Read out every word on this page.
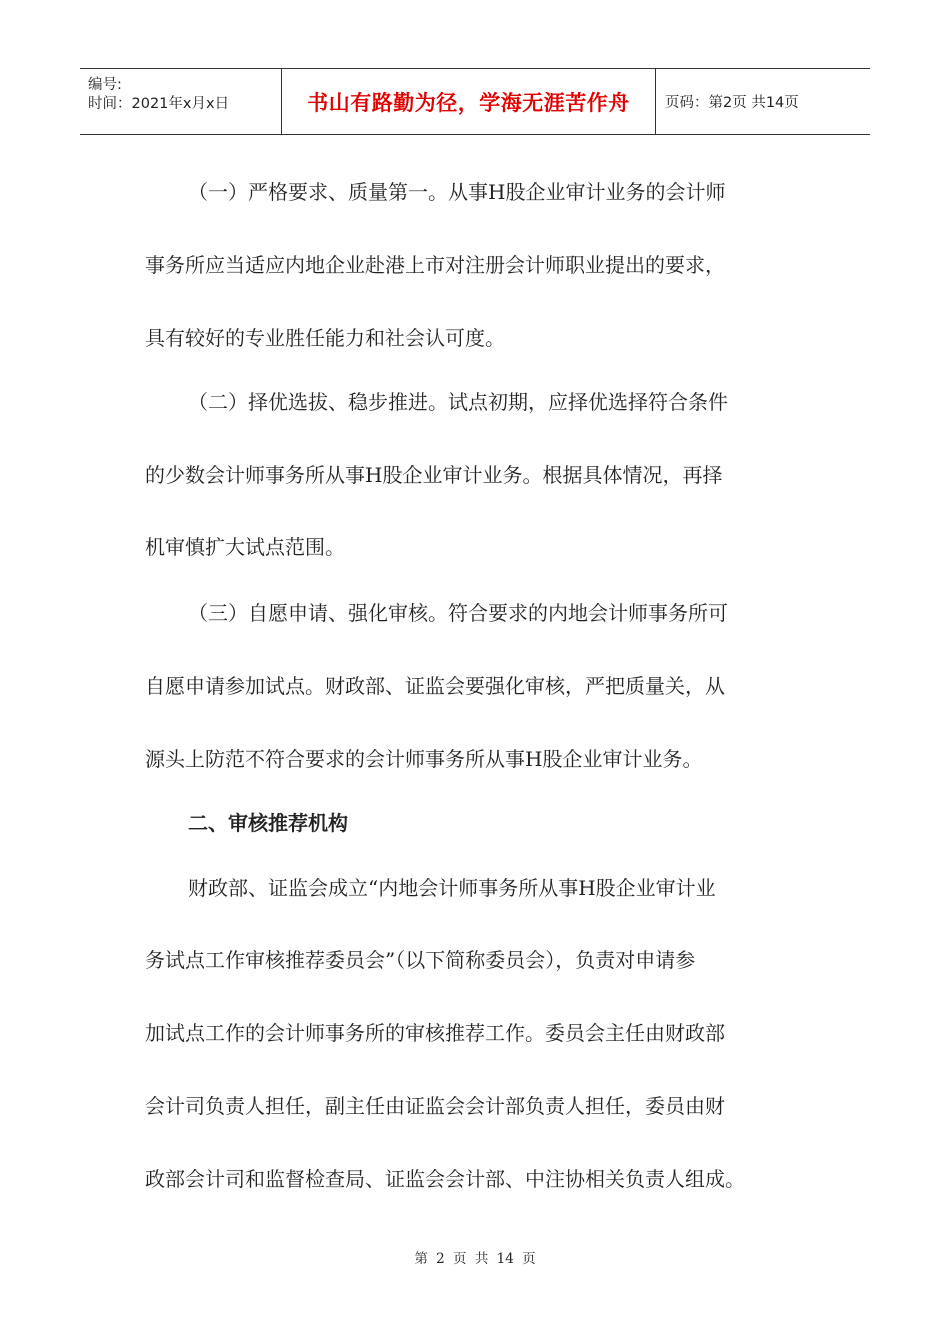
编号:
时间：2021年x月x日	书山有路勤为径，学海无涯苦作舟 页码：第2页 共14页
（一）严格要求、质量第一。从事H股企业审计业务的会计师
事务所应当适应内地企业赴港上市对注册会计师职业提出的要求，
具有较好的专业胜任能力和社会认可度。
（二）择优选拔、稳步推进。试点初期，应择优选择符合条件
的少数会计师事务所从事H股企业审计业务。根据具体情况，再择
机审慎扩大试点范围。
（三）自愿申请、强化审核。符合要求的内地会计师事务所可
自愿申请参加试点。财政部、证监会要强化审核，严把质量关，从
源头上防范不符合要求的会计师事务所从事H股企业审计业务。
二、审核推荐机构
财政部、证监会成立“内地会计师事务所从事H股企业审计业
务试点工作审核推荐委员会”（以下简称委员会），负责对申请参
加试点工作的会计师事务所的审核推荐工作。委员会主任由财政部
会计司负责人担任，副主任由证监会会计部负责人担任，委员由财
政部会计司和监督检查局、证监会会计部、中注协相关负责人组成。
第 2 页 共 14 页
